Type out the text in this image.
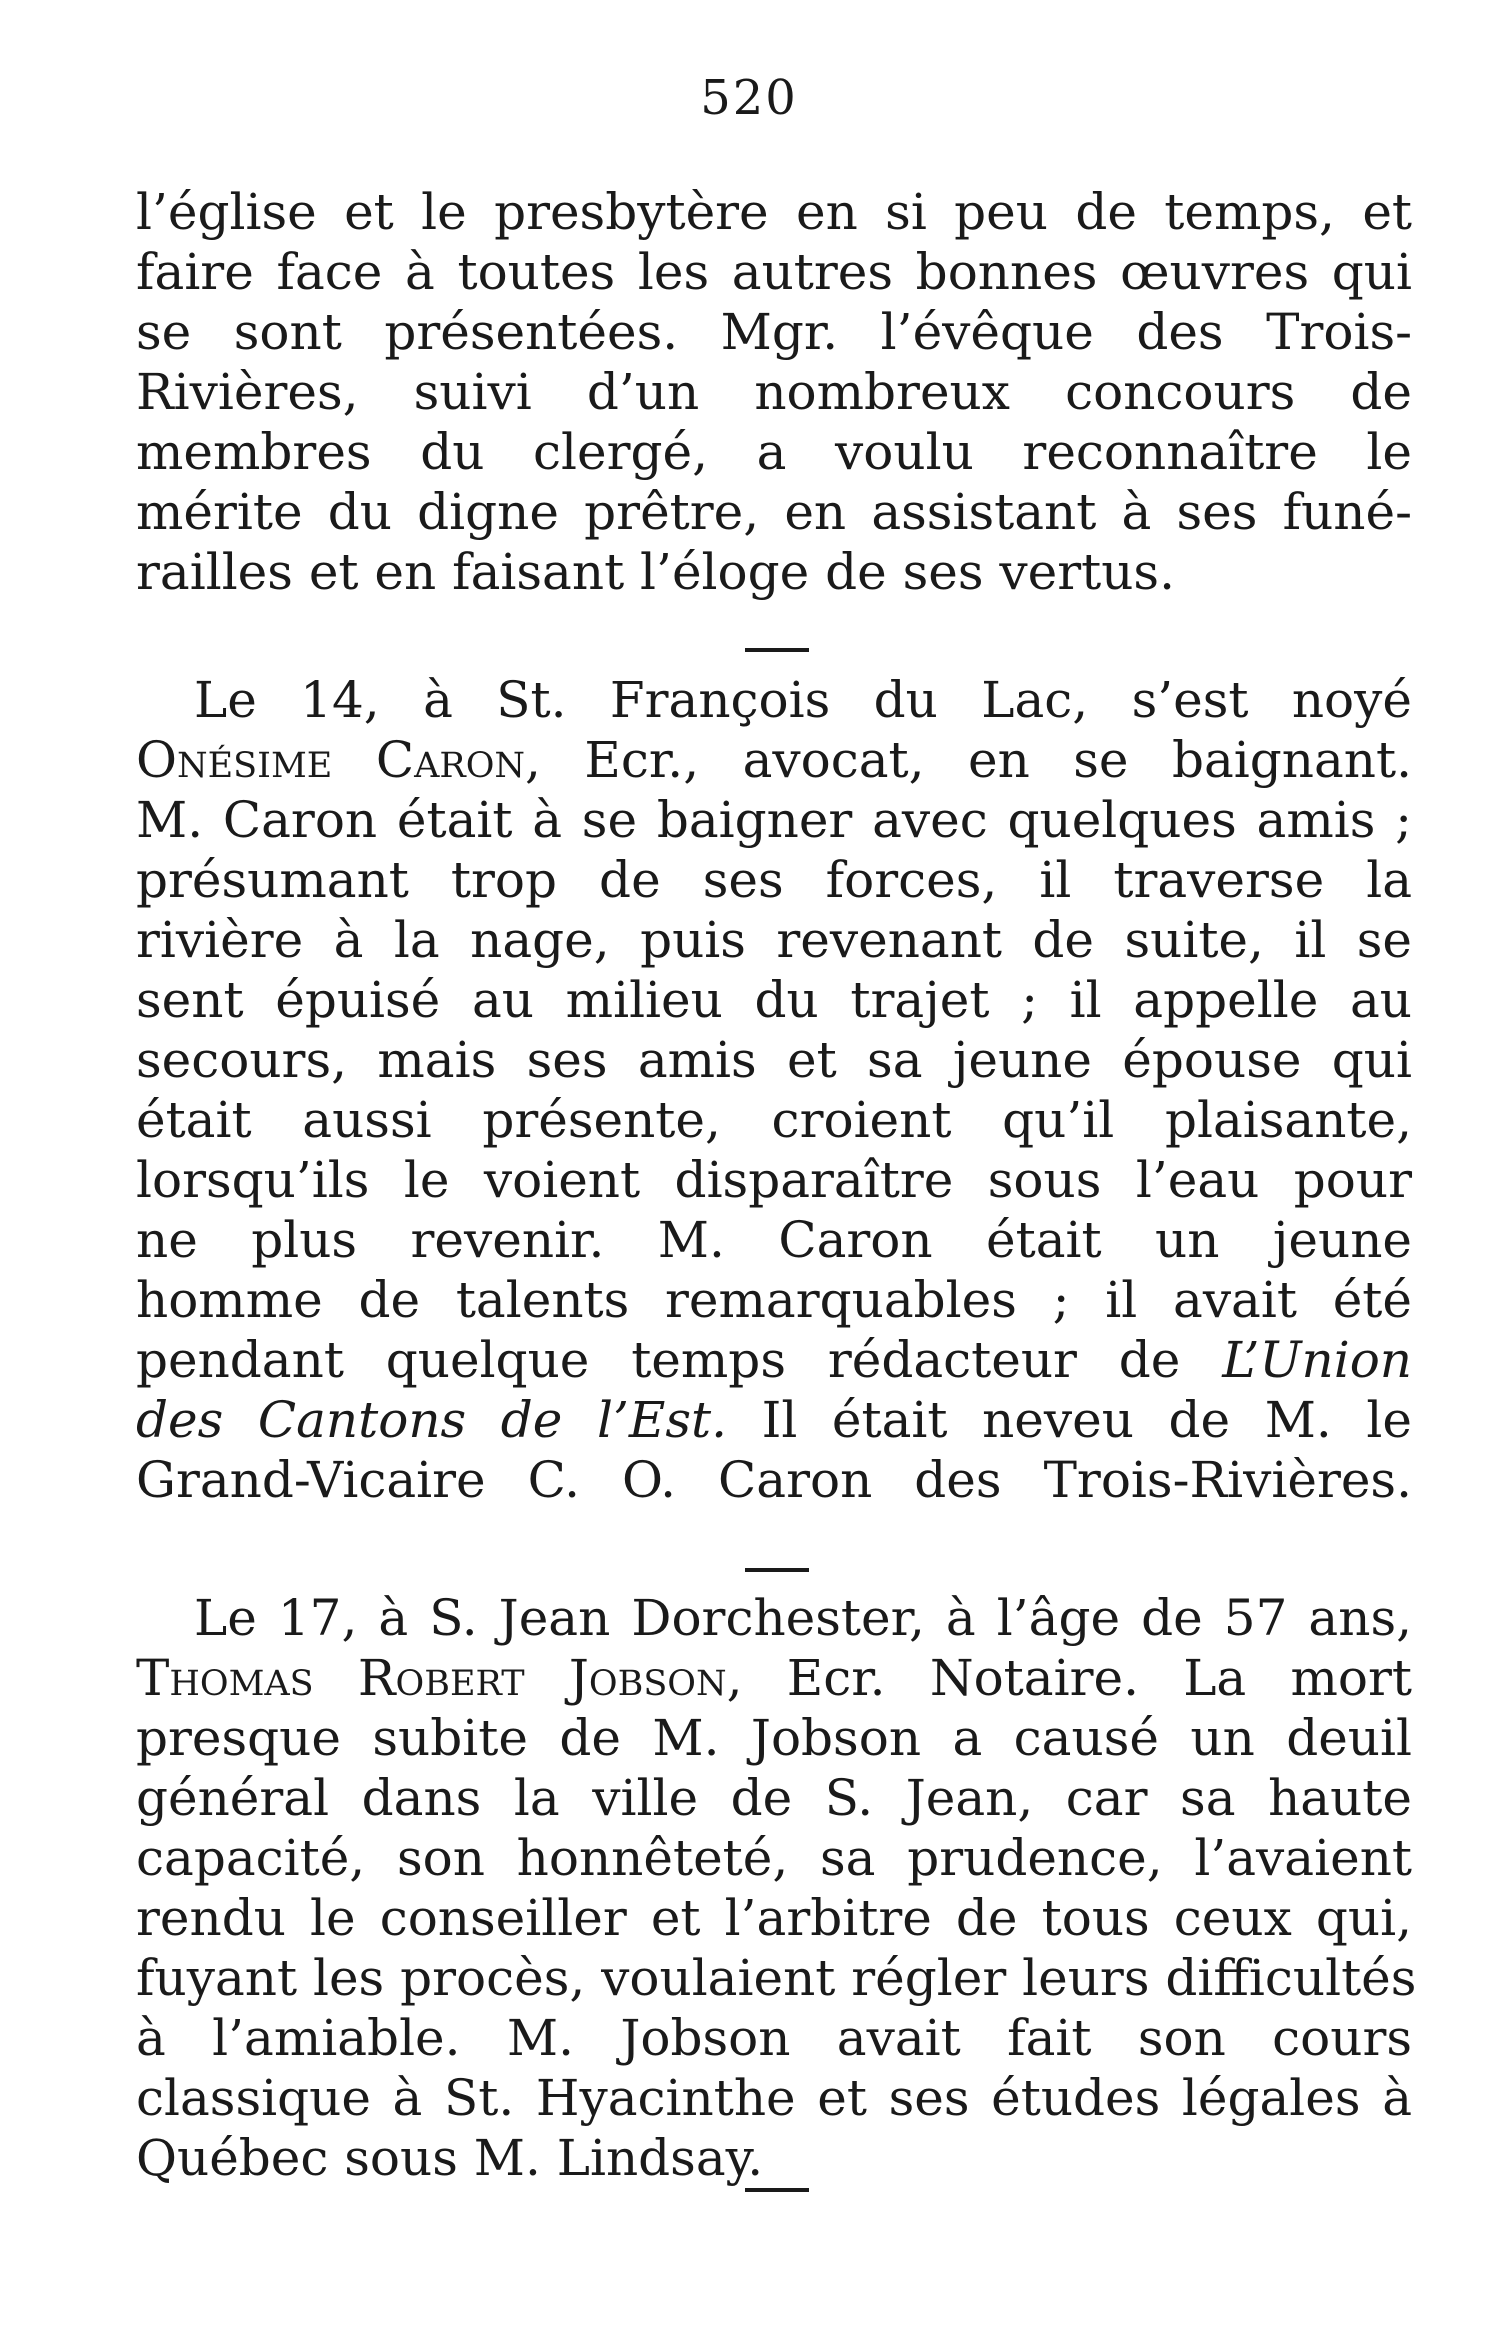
520
l’église et le presbytère en si peu de temps, et
faire face à toutes les autres bonnes œuvres qui
se sont présentées. Mgr. l’évêque des Trois-
Rivières, suivi d’un nombreux concours de
membres du clergé, a voulu reconnaître le
mérite du digne prêtre, en assistant à ses funé-
railles et en faisant l’éloge de ses vertus.
Le 14, à St. François du Lac, s’est noyé
Onésime Caron, Ecr., avocat, en se baignant.
M. Caron était à se baigner avec quelques amis ;
présumant trop de ses forces, il traverse la
rivière à la nage, puis revenant de suite, il se
sent épuisé au milieu du trajet ; il appelle au
secours, mais ses amis et sa jeune épouse qui
était aussi présente, croient qu’il plaisante,
lorsqu’ils le voient disparaître sous l’eau pour
ne plus revenir. M. Caron était un jeune
homme de talents remarquables ; il avait été
pendant quelque temps rédacteur de L’Union
des Cantons de l’Est. Il était neveu de M. le
Grand-Vicaire C. O. Caron des Trois-Rivières.
Le 17, à S. Jean Dorchester, à l’âge de 57 ans,
Thomas Robert Jobson, Ecr. Notaire. La mort
presque subite de M. Jobson a causé un deuil
général dans la ville de S. Jean, car sa haute
capacité, son honnêteté, sa prudence, l’avaient
rendu le conseiller et l’arbitre de tous ceux qui,
fuyant les procès, voulaient régler leurs difficultés
à l’amiable. M. Jobson avait fait son cours
classique à St. Hyacinthe et ses études légales à
Québec sous M. Lindsay.
